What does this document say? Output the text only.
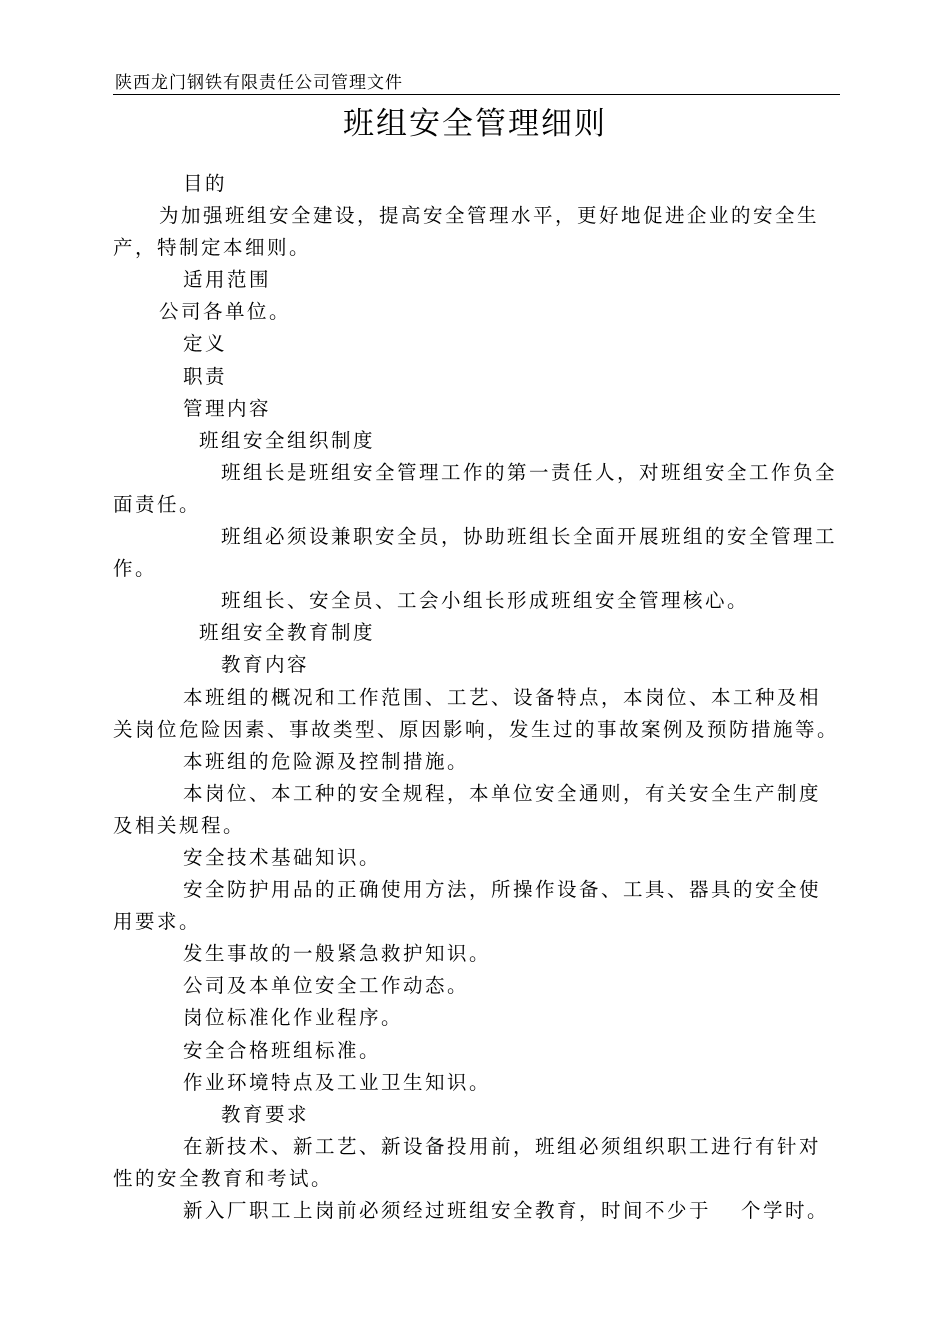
陕西龙门钢铁有限责任公司管理文件
班组安全管理细则
目的
为加强班组安全建设，提高安全管理水平，更好地促进企业的安全生
产，特制定本细则。
适用范围
公司各单位。
定义
职责
管理内容
班组安全组织制度
班组长是班组安全管理工作的第一责任人，对班组安全工作负全
面责任。
班组必须设兼职安全员，协助班组长全面开展班组的安全管理工
作。
班组长、安全员、工会小组长形成班组安全管理核心。
班组安全教育制度
教育内容
本班组的概况和工作范围、工艺、设备特点，本岗位、本工种及相
关岗位危险因素、事故类型、原因影响，发生过的事故案例及预防措施等。
本班组的危险源及控制措施。
本岗位、本工种的安全规程，本单位安全通则，有关安全生产制度
及相关规程。
安全技术基础知识。
安全防护用品的正确使用方法，所操作设备、工具、器具的安全使
用要求。
发生事故的一般紧急救护知识。
公司及本单位安全工作动态。
岗位标准化作业程序。
安全合格班组标准。
作业环境特点及工业卫生知识。
教育要求
在新技术、新工艺、新设备投用前，班组必须组织职工进行有针对
性的安全教育和考试。
新入厂职工上岗前必须经过班组安全教育，时间不少于 个学时。
